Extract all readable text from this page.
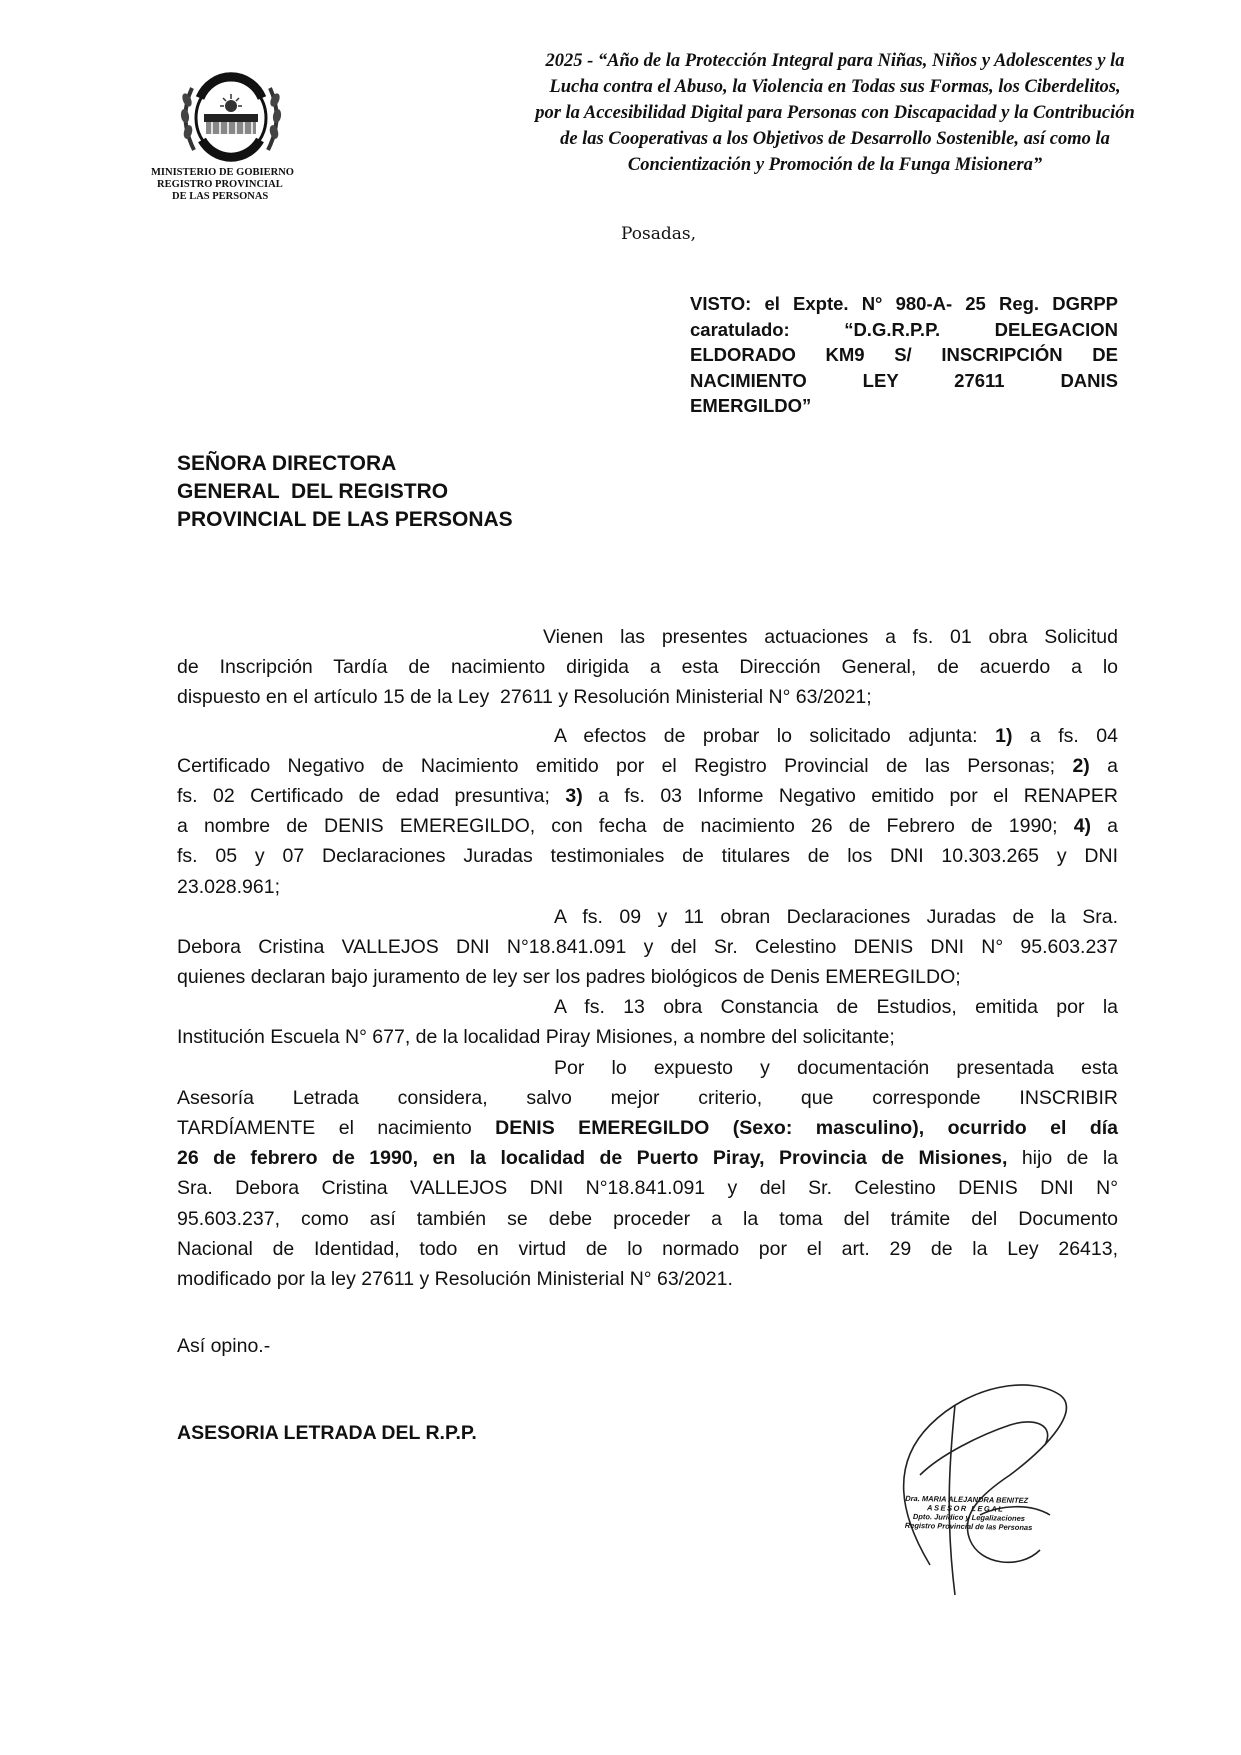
MINISTERIO DE GOBIERNO
REGISTRO PROVINCIAL
DE LAS PERSONAS
2025 - “Año de la Protección Integral para Niñas, Niños y Adolescentes y la
Lucha contra el Abuso, la Violencia en Todas sus Formas, los Ciberdelitos,
por la Accesibilidad Digital para Personas con Discapacidad y la Contribución
de las Cooperativas a los Objetivos de Desarrollo Sostenible, así como la
Concientización y Promoción de la Funga Misionera”
Posadas,
VISTO: el Expte. N° 980-A- 25 Reg. DGRPP
caratulado: “D.G.R.P.P. DELEGACION
ELDORADO KM9 S/ INSCRIPCIÓN DE
NACIMIENTO LEY 27611 DANIS
EMERGILDO”
SEÑORA DIRECTORA
GENERAL  DEL REGISTRO
PROVINCIAL DE LAS PERSONAS
Vienen las presentes actuaciones a fs. 01 obra Solicitud
de Inscripción Tardía de nacimiento dirigida a esta Dirección General, de acuerdo a lo
dispuesto en el artículo 15 de la Ley  27611 y Resolución Ministerial N° 63/2021;
A efectos de probar lo solicitado adjunta: 1) a fs. 04
Certificado Negativo de Nacimiento emitido por el Registro Provincial de las Personas; 2) a
fs. 02 Certificado de edad presuntiva; 3) a fs. 03 Informe Negativo emitido por el RENAPER
a nombre de DENIS EMEREGILDO, con fecha de nacimiento 26 de Febrero de 1990; 4) a
fs. 05 y 07 Declaraciones Juradas testimoniales de titulares de los DNI 10.303.265 y DNI
23.028.961;
A fs. 09 y 11 obran Declaraciones Juradas de la Sra.
Debora Cristina VALLEJOS DNI N°18.841.091 y del Sr. Celestino DENIS DNI N° 95.603.237
quienes declaran bajo juramento de ley ser los padres biológicos de Denis EMEREGILDO;
A fs. 13 obra Constancia de Estudios, emitida por la
Institución Escuela N° 677, de la localidad Piray Misiones, a nombre del solicitante;
Por lo expuesto y documentación presentada esta
Asesoría Letrada considera, salvo mejor criterio, que corresponde INSCRIBIR
TARDÍAMENTE el nacimiento DENIS EMEREGILDO (Sexo: masculino), ocurrido el día
26 de febrero de 1990, en la localidad de Puerto Piray, Provincia de Misiones, hijo de la
Sra. Debora Cristina VALLEJOS DNI N°18.841.091 y del Sr. Celestino DENIS DNI N°
95.603.237, como así también se debe proceder a la toma del trámite del Documento
Nacional de Identidad, todo en virtud de lo normado por el art. 29 de la Ley 26413,
modificado por la ley 27611 y Resolución Ministerial N° 63/2021.
Así opino.-
ASESORIA LETRADA DEL R.P.P.
Dra. MARIA ALEJANDRA BENITEZ
ASESOR LEGAL
Dpto. Jurídico y Legalizaciones
Registro Provincial de las Personas
